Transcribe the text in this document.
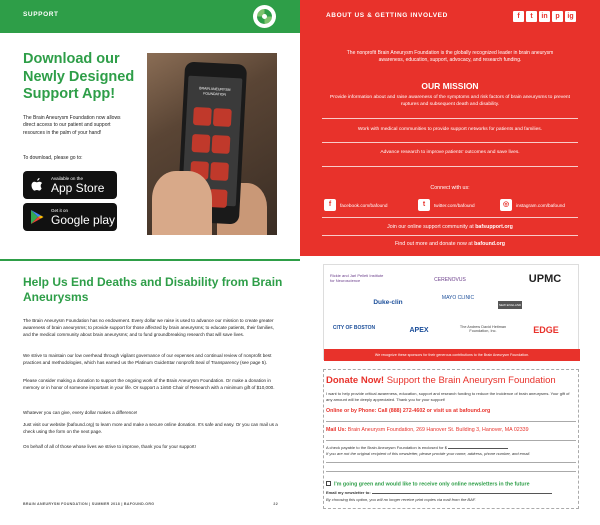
SUPPORT
Download our Newly Designed Support App!
The Brain Aneurysm Foundation now allows direct access to our patient and support resources in the palm of your hand!
To download, please go to:
Available on the
App Store
Get it on
Google play
BRAIN ANEURYSM FOUNDATION

Help Us End Deaths and Disability from Brain Aneurysms
The Brain Aneurysm Foundation has no endowment. Every dollar we raise is used to advance our mission to create greater awareness of brain aneurysms; to provide support for those affected by brain aneurysms; to educate patients, their families, and the medical community about brain aneurysms; and to fund groundbreaking research that will save lives.
We strive to maintain our low overhead through vigilant governance of our expenses and continual review of nonprofit best practices and methodologies, which has earned us the Platinum GuideStar nonprofit Seal of Transparency (see page 5).
Please consider making a donation to support the ongoing work of the Brain Aneurysm Foundation. Or make a donation in memory or in honor of someone important in your life. Or support a 1in50 Chair of Research with a minimum gift of $10,000.
Whatever you can give, every dollar makes a difference!
Just visit our website (bafound.org) to learn more and make a secure online donation. It's safe and easy. Or you can mail us a check using the form on the next page.
On behalf of all of those whose lives we strive to improve, thank you for your support!
BRAIN ANEURYSM FOUNDATION | SUMMER 2018 | BAFOUND.ORG	22
ABOUT US & GETTING INVOLVED	f	t	in	p	ig
The nonprofit Brain Aneurysm Foundation is the globally recognized leader in brain aneurysm awareness, education, support, advocacy, and research funding.
OUR MISSION
Provide information about and raise awareness of the symptoms and risk factors of brain aneurysms to prevent ruptures and subsequent death and disability.
Work with medical communities to provide support networks for patients and families.
Advance research to improve patients' outcomes and save lives.
Connect with us:
f	facebook.com/bafound	t	twitter.com/bafound	◎	instagram.com/bafound
Join our online support community at bafsupport.org
Find out more and donate now at bafound.org
Rickie and Jarl Pelleti Institute for Neuroscience	CERENOVUS	UPMC
Duke-clin
MAYO CLINIC
NEW ENGLAND
CITY OF BOSTON	APEX	The Andrew David Heitman Foundation, Inc.	EDGE
We recognize these sponsors for their generous contributions to the Brain Aneurysm Foundation.
Donate Now! Support the Brain Aneurysm Foundation
I want to help provide critical awareness, education, support and research funding to reduce the incidence of brain aneurysms. Your gift of any amount will be deeply appreciated. Thank you for your support!
Online or by Phone: Call (888) 272-4602 or visit us at bafound.org
Mail Us: Brain Aneurysm Foundation, 269 Hanover St. Building 3, Hanover, MA 02339
A check payable to the Brain Aneurysm Foundation is enclosed for $
If you are not the original recipient of this newsletter, please provide your name, address, phone number, and email.
I'm going green and would like to receive only online newsletters in the future
Email my newsletter to:
By choosing this option, you will no longer receive print copies via mail from the BAF.
